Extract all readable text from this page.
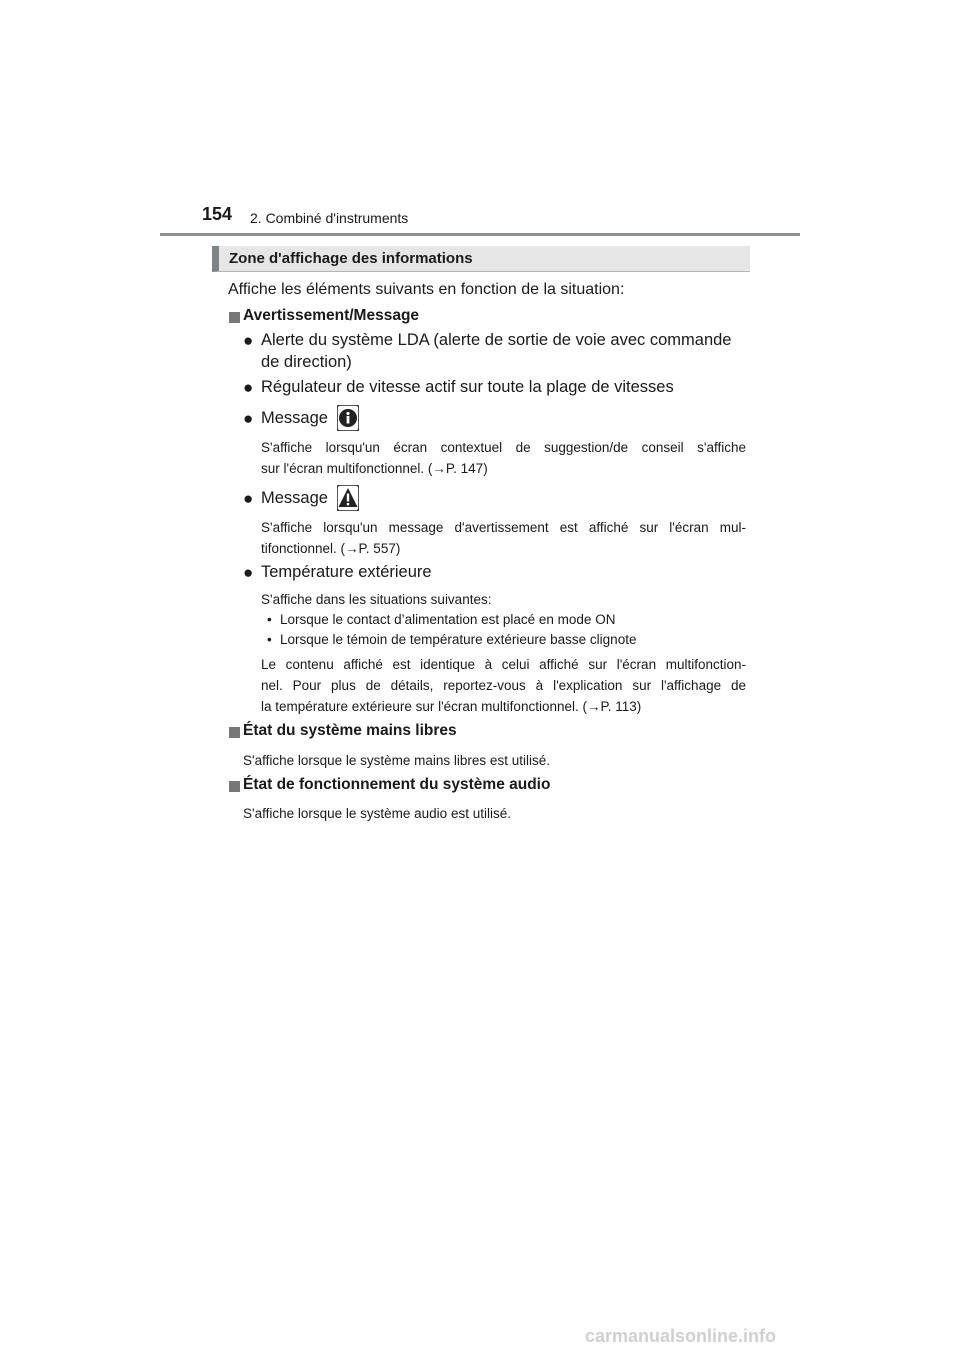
154 2. Combiné d'instruments
Zone d'affichage des informations
Affiche les éléments suivants en fonction de la situation:
Avertissement/Message
● Alerte du système LDA (alerte de sortie de voie avec commande
de direction)
● Régulateur de vitesse actif sur toute la plage de vitesses
● Message
S'affiche lorsqu'un écran contextuel de suggestion/de conseil s'affiche
sur l'écran multifonctionnel. (→P. 147)
● Message
S'affiche lorsqu'un message d'avertissement est affiché sur l'écran mul-
tifonctionnel. (→P. 557)
● Température extérieure
S'affiche dans les situations suivantes:
• Lorsque le contact d’alimentation est placé en mode ON
• Lorsque le témoin de température extérieure basse clignote
Le contenu affiché est identique à celui affiché sur l'écran multifonction-
nel. Pour plus de détails, reportez-vous à l'explication sur l'affichage de
la température extérieure sur l'écran multifonctionnel. (→P. 113)
État du système mains libres
S'affiche lorsque le système mains libres est utilisé.
État de fonctionnement du système audio
S'affiche lorsque le système audio est utilisé.
carmanualsonline.info
